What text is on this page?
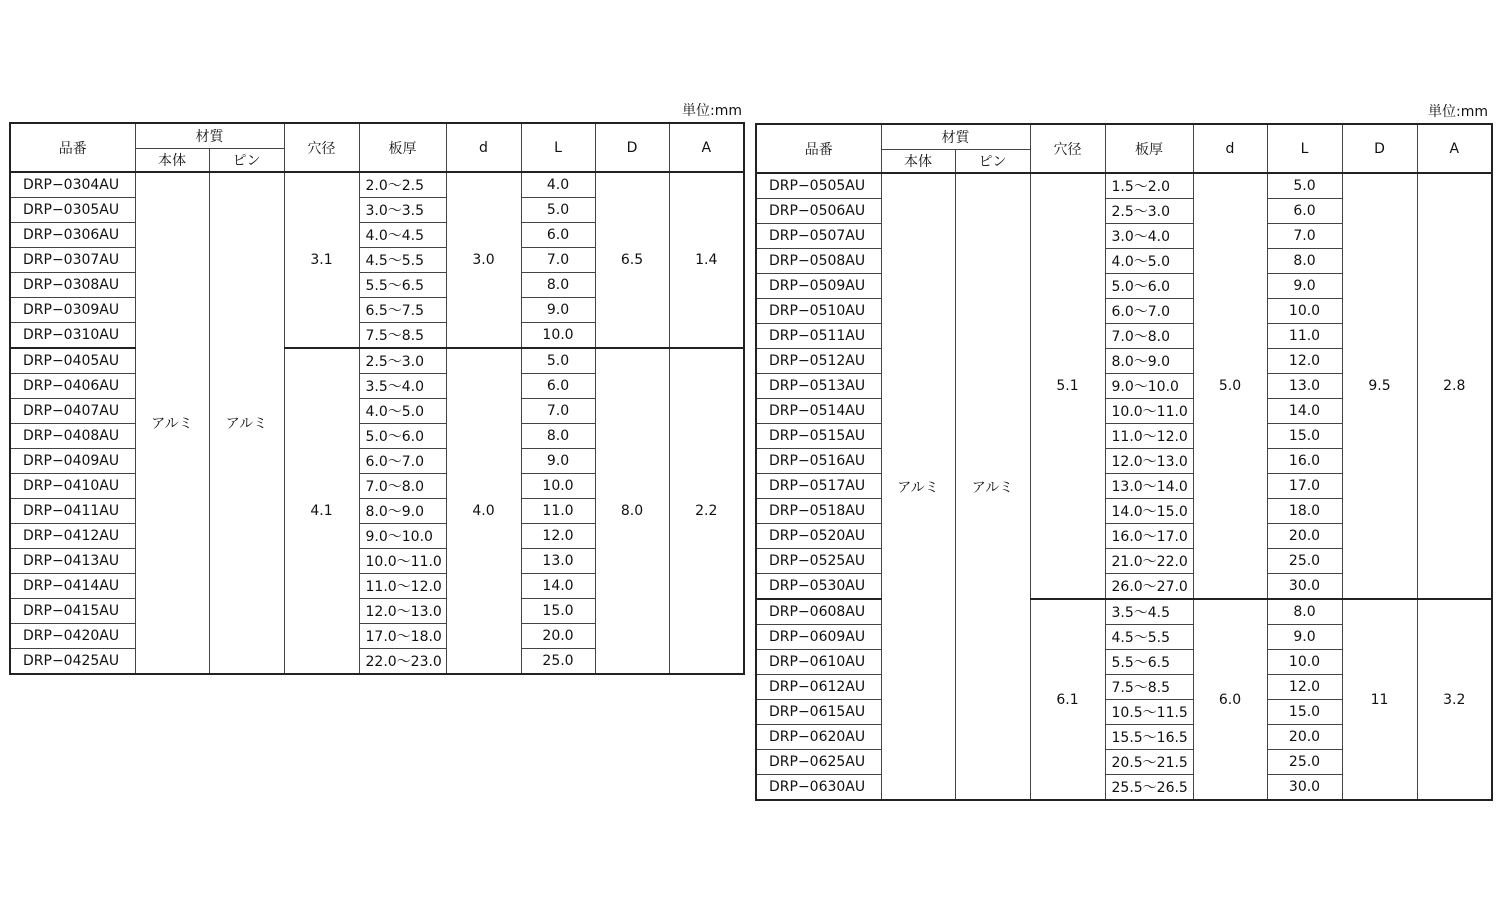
単位:mm	単位:mm
品番	材質		穴径	板厚	d	L	D	A
	本体	ピン						
DRP−0304AU	アルミ	アルミ	3.1	2.0〜2.5	3.0	4.0	6.5	1.4
DRP−0305AU				3.0〜3.5		5.0		
DRP−0306AU				4.0〜4.5		6.0		
DRP−0307AU				4.5〜5.5		7.0		
DRP−0308AU				5.5〜6.5		8.0		
DRP−0309AU				6.5〜7.5		9.0		
DRP−0310AU				7.5〜8.5		10.0		
DRP−0405AU			4.1	2.5〜3.0	4.0	5.0	8.0	2.2
DRP−0406AU				3.5〜4.0		6.0		
DRP−0407AU				4.0〜5.0		7.0		
DRP−0408AU				5.0〜6.0		8.0		
DRP−0409AU				6.0〜7.0		9.0		
DRP−0410AU				7.0〜8.0		10.0		
DRP−0411AU				8.0〜9.0		11.0		
DRP−0412AU				9.0〜10.0		12.0		
DRP−0413AU				10.0〜11.0		13.0		
DRP−0414AU				11.0〜12.0		14.0		
DRP−0415AU				12.0〜13.0		15.0		
DRP−0420AU				17.0〜18.0		20.0		
DRP−0425AU				22.0〜23.0		25.0		
品番	材質		穴径	板厚	d	L	D	A
	本体	ピン						
DRP−0505AU	アルミ	アルミ	5.1	1.5〜2.0	5.0	5.0	9.5	2.8
DRP−0506AU				2.5〜3.0		6.0		
DRP−0507AU				3.0〜4.0		7.0		
DRP−0508AU				4.0〜5.0		8.0		
DRP−0509AU				5.0〜6.0		9.0		
DRP−0510AU				6.0〜7.0		10.0		
DRP−0511AU				7.0〜8.0		11.0		
DRP−0512AU				8.0〜9.0		12.0		
DRP−0513AU				9.0〜10.0		13.0		
DRP−0514AU				10.0〜11.0		14.0		
DRP−0515AU				11.0〜12.0		15.0		
DRP−0516AU				12.0〜13.0		16.0		
DRP−0517AU				13.0〜14.0		17.0		
DRP−0518AU				14.0〜15.0		18.0		
DRP−0520AU				16.0〜17.0		20.0		
DRP−0525AU				21.0〜22.0		25.0		
DRP−0530AU				26.0〜27.0		30.0		
DRP−0608AU			6.1	3.5〜4.5	6.0	8.0	11	3.2
DRP−0609AU				4.5〜5.5		9.0		
DRP−0610AU				5.5〜6.5		10.0		
DRP−0612AU				7.5〜8.5		12.0		
DRP−0615AU				10.5〜11.5		15.0		
DRP−0620AU				15.5〜16.5		20.0		
DRP−0625AU				20.5〜21.5		25.0		
DRP−0630AU				25.5〜26.5		30.0		
